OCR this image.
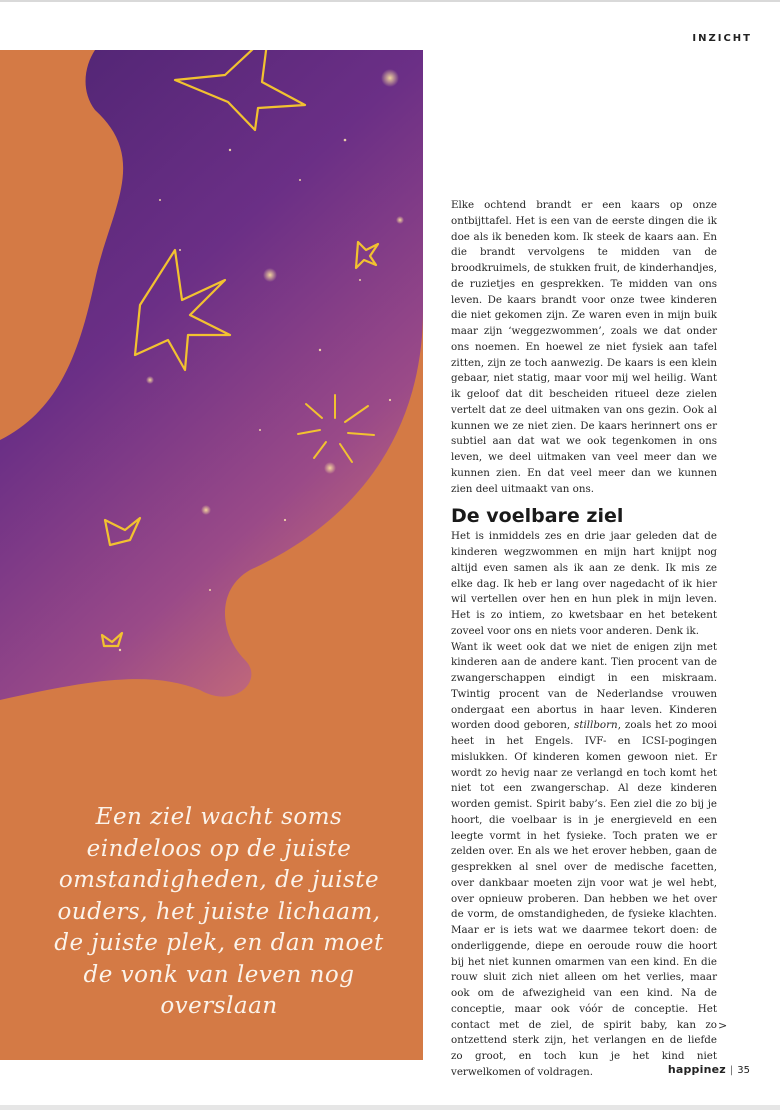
INZICHT
Een ziel wacht soms eindeloos op de juiste omstandigheden, de juiste ouders, het juiste lichaam, de juiste plek, en dan moet de vonk van leven nog overslaan

Elke ochtend brandt er een kaars op onze ontbijttafel. Het is een van de eerste dingen die ik doe als ik beneden kom. Ik steek de kaars aan. En die brandt vervolgens te midden van de broodkruimels, de stukken fruit, de kinderhandjes, de ruzietjes en gesprekken. Te midden van ons leven. De kaars brandt voor onze twee kinderen die niet gekomen zijn. Ze waren even in mijn buik maar zijn ‘weggezwommen’, zoals we dat onder ons noemen. En hoewel ze niet fysiek aan tafel zitten, zijn ze toch aanwezig. De kaars is een klein gebaar, niet statig, maar voor mij wel heilig. Want ik geloof dat dit bescheiden ritueel deze zielen vertelt dat ze deel uitmaken van ons gezin. Ook al kunnen we ze niet zien. De kaars herinnert ons er subtiel aan dat wat we ook tegenkomen in ons leven, we deel uitmaken van veel meer dan we kunnen zien. En dat veel meer dan we kunnen zien deel uitmaakt van ons.

De voelbare ziel

Het is inmiddels zes en drie jaar geleden dat de kinderen wegzwommen en mijn hart knijpt nog altijd even samen als ik aan ze denk. Ik mis ze elke dag. Ik heb er lang over nagedacht of ik hier wil vertellen over hen en hun plek in mijn leven. Het is zo intiem, zo kwetsbaar en het betekent zoveel voor ons en niets voor anderen. Denk ik.

Want ik weet ook dat we niet de enigen zijn met kinderen aan de andere kant. Tien procent van de zwangerschappen eindigt in een miskraam. Twintig procent van de Nederlandse vrouwen ondergaat een abortus in haar leven. Kinderen worden dood geboren, stillborn, zoals het zo mooi heet in het Engels. IVF- en ICSI-pogingen mislukken. Of kinderen komen gewoon niet. Er wordt zo hevig naar ze verlangd en toch komt het niet tot een zwangerschap. Al deze kinderen worden gemist. Spirit baby’s. Een ziel die zo bij je hoort, die voelbaar is in je energieveld en een leegte vormt in het fysieke. Toch praten we er zelden over. En als we het erover hebben, gaan de gesprekken al snel over de medische facetten, over dankbaar moeten zijn voor wat je wel hebt, over opnieuw proberen. Dan hebben we het over de vorm, de omstandigheden, de fysieke klachten. Maar er is iets wat we daarmee tekort doen: de onderliggende, diepe en oeroude rouw die hoort bij het niet kunnen omarmen van een kind. En die rouw sluit zich niet alleen om het verlies, maar ook om de afwezigheid van een kind. Na de conceptie, maar ook vóór de conceptie. Het contact met de ziel, de spirit baby, kan zo ontzettend sterk zijn, het verlangen en de liefde zo groot, en toch kun je het kind niet verwelkomen of voldragen.

>
happinez | 35
